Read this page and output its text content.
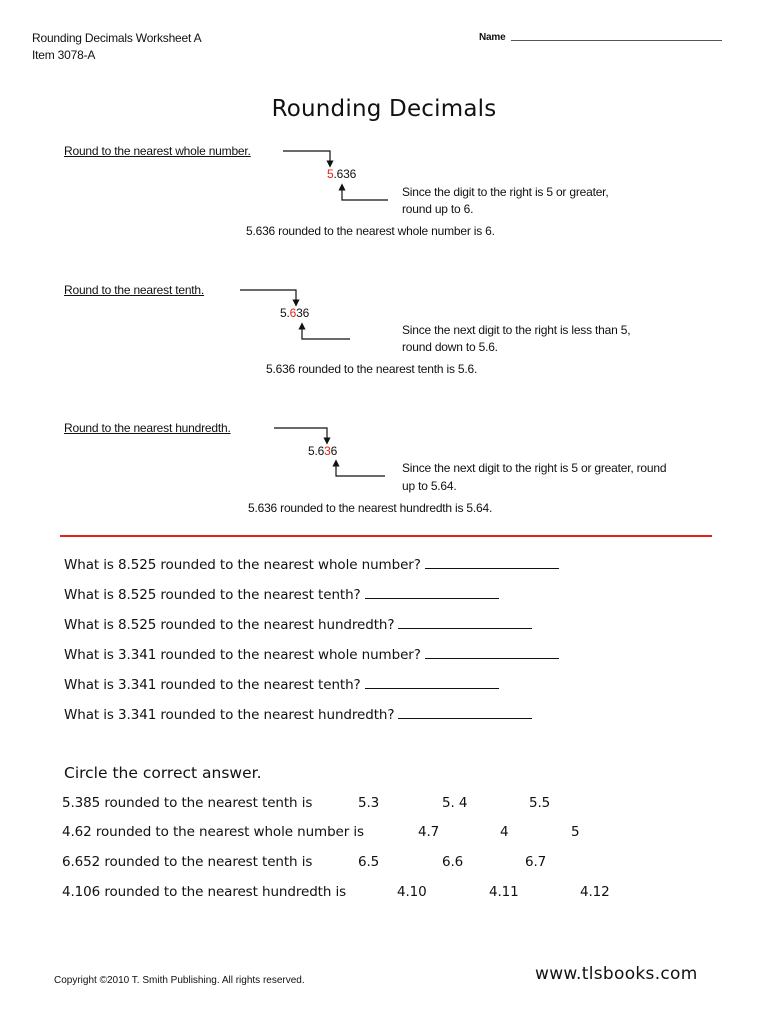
Rounding Decimals Worksheet A
Item 3078-A
Name
Rounding Decimals
Round to the nearest whole number.
5.636
Since the digit to the right is 5 or greater,
round up to 6.
5.636 rounded to the nearest whole number is 6.
Round to the nearest tenth.
5.636
Since the next digit to the right is less than 5,
round down to 5.6.
5.636 rounded to the nearest tenth is 5.6.
Round to the nearest hundredth.
5.636
Since the next digit to the right is 5 or greater, round
up to 5.64.
5.636 rounded to the nearest hundredth is 5.64.
What is 8.525 rounded to the nearest whole number?
What is 8.525 rounded to the nearest tenth?
What is 8.525 rounded to the nearest hundredth?
What is 3.341 rounded to the nearest whole number?
What is 3.341 rounded to the nearest tenth?
What is 3.341 rounded to the nearest hundredth?
Circle the correct answer.
5.385 rounded to the nearest tenth is	5.3	5. 4	5.5
4.62 rounded to the nearest whole number is	4.7	4	5
6.652 rounded to the nearest tenth is	6.5	6.6	6.7
4.106 rounded to the nearest hundredth is	4.10	4.11	4.12
Copyright ©2010 T. Smith Publishing. All rights reserved.	www.tlsbooks.com
